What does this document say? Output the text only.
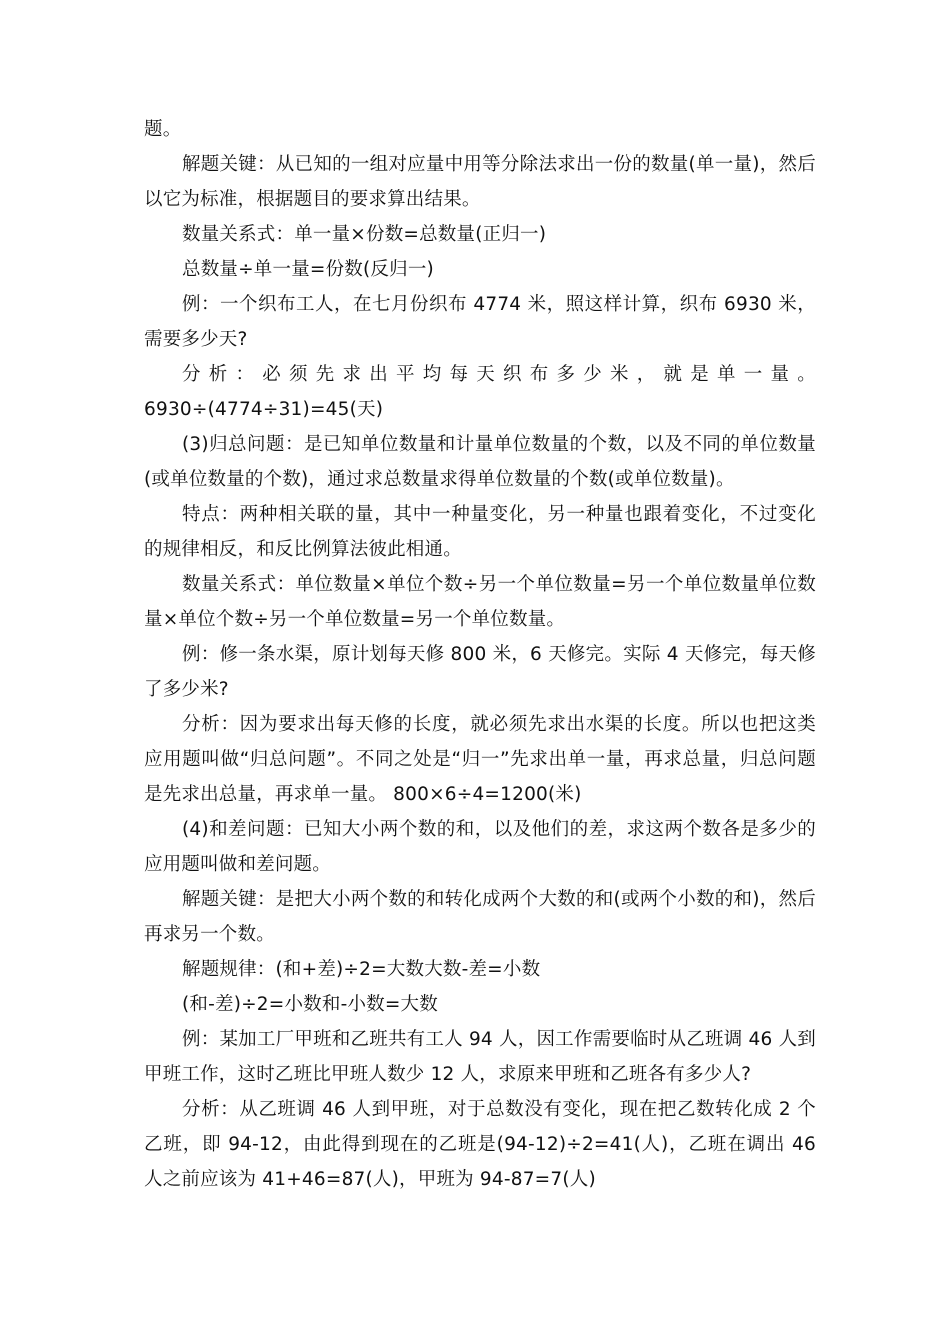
题。

解题关键：从已知的一组对应量中用等分除法求出一份的数量(单一量)，然后以它为标准，根据题目的要求算出结果。

数量关系式：单一量×份数=总数量(正归一)

总数量÷单一量=份数(反归一)

例：一个织布工人，在七月份织布 4774 米，照这样计算，织布 6930 米，需要多少天?

分析：必须先求出平均每天织布多少米，就是单一量。 6930÷(4774÷31)=45(天)

(3)归总问题：是已知单位数量和计量单位数量的个数，以及不同的单位数量(或单位数量的个数)，通过求总数量求得单位数量的个数(或单位数量)。

特点：两种相关联的量，其中一种量变化，另一种量也跟着变化，不过变化的规律相反，和反比例算法彼此相通。

数量关系式：单位数量×单位个数÷另一个单位数量=另一个单位数量单位数量×单位个数÷另一个单位数量=另一个单位数量。

例：修一条水渠，原计划每天修 800 米，6 天修完。实际 4 天修完，每天修了多少米?

分析：因为要求出每天修的长度，就必须先求出水渠的长度。所以也把这类应用题叫做“归总问题”。不同之处是“归一”先求出单一量，再求总量，归总问题是先求出总量，再求单一量。 800×6÷4=1200(米)

(4)和差问题：已知大小两个数的和，以及他们的差，求这两个数各是多少的应用题叫做和差问题。

解题关键：是把大小两个数的和转化成两个大数的和(或两个小数的和)，然后再求另一个数。

解题规律：(和+差)÷2=大数大数-差=小数

(和-差)÷2=小数和-小数=大数

例：某加工厂甲班和乙班共有工人 94 人，因工作需要临时从乙班调 46 人到甲班工作，这时乙班比甲班人数少 12 人，求原来甲班和乙班各有多少人?

分析：从乙班调 46 人到甲班，对于总数没有变化，现在把乙数转化成 2 个乙班，即 94-12，由此得到现在的乙班是(94-12)÷2=41(人)，乙班在调出 46 人之前应该为 41+46=87(人)，甲班为 94-87=7(人)
